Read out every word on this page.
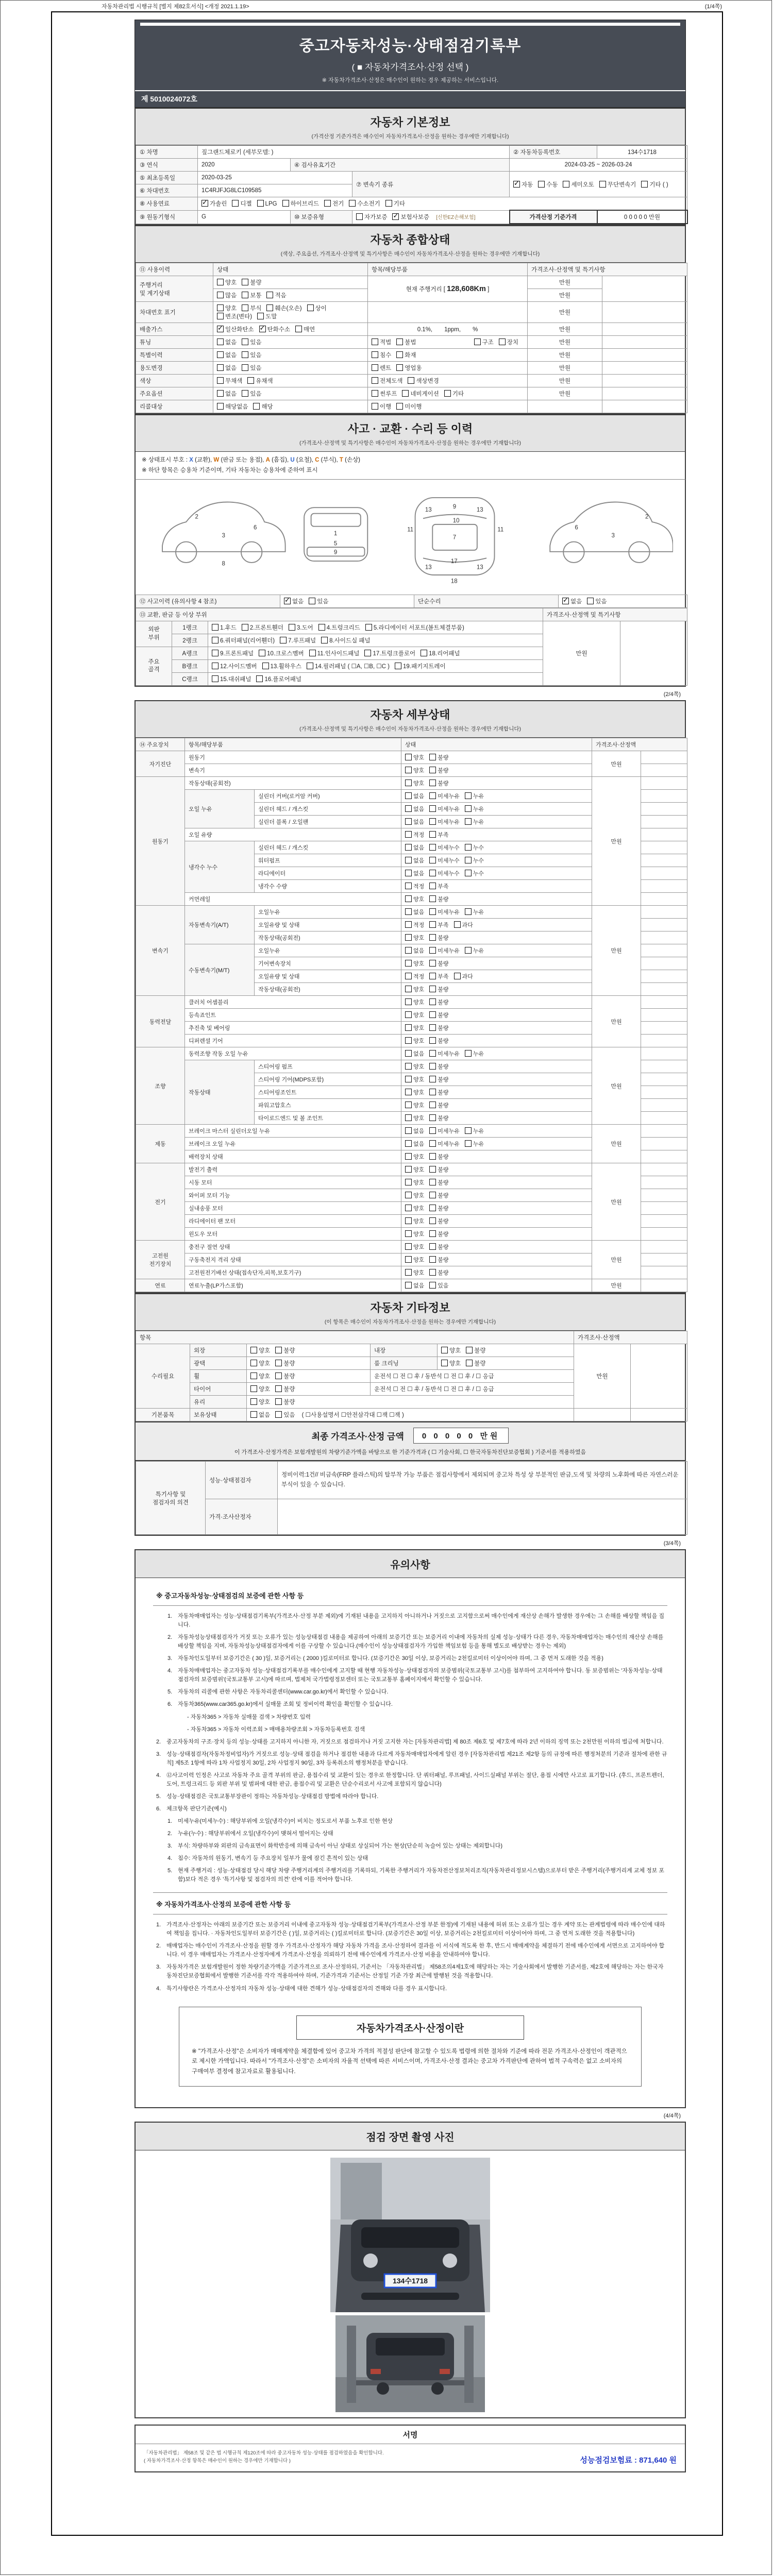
자동차관리법 시행규칙 [별지 제82호서식] <개정 2021.1.19>	(1/4쪽)
중고자동차성능·상태점검기록부
( ■ 자동차가격조사·산정 선택 )
※ 자동차가격조사·산정은 매수인이 원하는 경우 제공하는 서비스입니다.
제 5010024072호
자동차 기본정보
(가격산정 기준가격은 매수인이 자동차가격조사·산정을 원하는 경우에만 기재합니다)
① 차명	짚그랜드체로키 (세부모델: )			② 자동차등록번호	134수1718
③ 연식	2020	④ 검사유효기간		2024-03-25 ~ 2026-03-24	
⑤ 최초등록일	2020-03-25		⑦ 변속기 종류	✓ 자동 수동 세미오토 무단변속기 기타 ( )	
⑥ 차대번호	1C4RJFJG8LC109585				
⑧ 사용연료	✓ 가솔린 디젤 LPG 하이브리드 전기 수소전기 기타				
⑨ 원동기형식	G	⑩ 보증유형	자가보증 ✓ 보험사보증 [신한EZ손해보험]	가격산정 기준가격	0 0 0 0 0 만원
자동차 종합상태
(색상, 주요옵션, 가격조사·산정액 및 특기사항은 매수인이 자동차가격조사·산정을 원하는 경우에만 기재합니다)
⑪ 사용이력	상태	항목/해당부품	가격조사·산정액 및 특기사항	
주행거리
및 계기상태	양호 불량	현재 주행거리 [ 128,608Km ]	만원	
	많음 보통 적음		만원	
차대번호 표기	양호 부식 훼손(오손) 상이변조(변타) 도말		만원	
배출가스	✓ 일산화탄소 ✓ 탄화수소 매연	0.1%,　　1ppm,　　%	만원	
튜닝	없음 있음	적법 불법 구조 장치	만원	
특별이력	없음 있음	침수 화재	만원	
용도변경	없음 있음	렌트 영업용	만원	
색상	무채색 유채색	전체도색 색상변경	만원	
주요옵션	없음 있음	썬루프 네비게이션 기타	만원	
리콜대상	해당없음 해당	이행 미이행		
사고 · 교환 · 수리 등 이력
(가격조사·산정액 및 특기사항은 매수인이 자동차가격조사·산정을 원하는 경우에만 기재합니다)
※ 상태표시 부호 : X (교환), W (판금 또는 용접), A (흠집), U (요철), C (부식), T (손상)
※ 하단 항목은 승용차 기준이며, 기타 자동차는 승용차에 준하여 표시
2
3
6
8
1
5
9
9
11	11
7
13	13
13	13
17
18
10
2
3
6
⑫ 사고이력 (유의사항 4 참조)	✓ 없음 있음	단순수리	✓ 없음 있음
⑬ 교환, 판금 등 이상 부위			가격조사·산정액 및 특기사항	
외판
부위	1랭크	1.후드 2.프론트휀더 3.도어 4.트렁크리드 5.라디에이터 서포트(볼트체결부품)	만원	
	2랭크	6.쿼터패널(리어휀더) 7.루프패널 8.사이드실 패널		
주요
골격	A랭크	9.프론트패널 10.크로스멤버 11.인사이드패널 17.트렁크플로어 18.리어패널		
	B랭크	12.사이드멤버 13.휠하우스 14.필러패널 ( ☐A, ☐B, ☐C ) 19.패키지트레이		
	C랭크	15.대쉬패널 16.플로어패널		
(2/4쪽)
자동차 세부상태
(가격조사·산정액 및 특기사항은 매수인이 자동차가격조사·산정을 원하는 경우에만 기재합니다)
⑭ 주요장치	항목/해당부품		상태	가격조사·산정액	
자기진단	원동기		양호 불량	만원	
	변속기		양호 불량		
원동기	작동상태(공회전)		양호 불량	만원	
	오일 누유	실린더 커버(로커암 커버)	없음 미세누유 누유		
		실린더 헤드 / 개스킷	없음 미세누유 누유		
		실린더 블록 / 오일팬	없음 미세누유 누유		
	오일 유량		적정 부족		
	냉각수 누수	실린더 헤드 / 개스킷	없음 미세누수 누수		
		워터펌프	없음 미세누수 누수		
		라디에이터	없음 미세누수 누수		
		냉각수 수량	적정 부족		
	커먼레일		양호 불량		
변속기	자동변속기(A/T)	오일누유	없음 미세누유 누유	만원	
		오일유량 및 상태	적정 부족 과다		
		작동상태(공회전)	양호 불량		
	수동변속기(M/T)	오일누유	없음 미세누유 누유		
		기어변속장치	양호 불량		
		오일유량 및 상태	적정 부족 과다		
		작동상태(공회전)	양호 불량		
동력전달	클러치 어셈블리		양호 불량	만원	
	등속죠인트		양호 불량		
	추진축 및 베어링		양호 불량		
	디퍼렌셜 기어		양호 불량		
조향	동력조향 작동 오일 누유		없음 미세누유 누유	만원	
	작동상태	스티어링 펌프	양호 불량		
		스티어링 기어(MDPS포함)	양호 불량		
		스티어링조인트	양호 불량		
		파워고압호스	양호 불량		
		타이로드엔드 및 볼 조인트	양호 불량		
제동	브레이크 마스터 실린더오일 누유		없음 미세누유 누유	만원	
	브레이크 오일 누유		없음 미세누유 누유		
	배력장치 상태		양호 불량		
전기	발전기 출력		양호 불량	만원	
	시동 모터		양호 불량		
	와이퍼 모터 기능		양호 불량		
	실내송풍 모터		양호 불량		
	라디에이터 팬 모터		양호 불량		
	윈도우 모터		양호 불량		
고전원
전기장치	충전구 절연 상태		양호 불량	만원	
	구동축전지 격리 상태		양호 불량		
	고전원전기배선 상태(접속단자,피복,보호기구)		양호 불량		
연료	연료누출(LP가스포함)		없음 있음	만원	
자동차 기타정보
(이 항목은 매수인이 자동차가격조사·산정을 원하는 경우에만 기재합니다)
항목					가격조사·산정액	
수리필요	외장	양호 불량	내장	양호 불량	만원	
	광택	양호 불량	룸 크리닝	양호 불량		
	휠	양호 불량	운전석 ☐ 전 ☐ 후 / 동반석 ☐ 전 ☐ 후 / ☐ 응급			
	타이어	양호 불량	운전석 ☐ 전 ☐ 후 / 동반석 ☐ 전 ☐ 후 / ☐ 응급			
	유리	양호 불량				
기본품목	보유상태	없음 있음 ( ☐사용설명서 ☐안전삼각대 ☐잭 ☐잭 )				
최종 가격조사·산정 금액	0 0 0 0 0 만원
이 가격조사·산정가격은 보험개발원의 차량기준가액을 바탕으로 한 기준가격과 ( ☐ 기술사회, ☐ 한국자동차진단보증협회 ) 기준서를 적용하였음
특기사항 및
점검자의 의견	성능·상태점검자	정비이력:1건// 비금속(FRP 플라스틱)의 탈부착 가능 부품은 점검사항에서 제외되며 중고차 특성 상 부분적인 판금,도색 및 차량의 노후화에 따른 자연스러운 부식이 있을 수 있습니다.
	가격·조사산정자	
(3/4쪽)
유의사항
※ 중고자동차성능·상태점검의 보증에 관한 사항 등
1. 자동차매매업자는 성능·상태점검기록부(가격조사·산정 부분 제외)에 기재된 내용을 고지하지 아니하거나 거짓으로 고지함으로써 매수인에게 재산상 손해가 발생한 경우에는 그 손해를 배상할 책임을 집니다.
2. 자동차성능상태점검자가 거짓 또는 오류가 있는 성능상태점검 내용을 제공하여 아래의 보증기간 또는 보증거리 이내에 자동차의 실제 성능·상태가 다른 경우, 자동차매매업자는 매수인의 재산상 손해를 배상할 책임을 지며, 자동차성능상태점검자에게 이를 구상할 수 있습니다.(매수인이 성능상태점검자가 가입한 책임보험 등을 통해 별도로 배상받는 경우는 제외)
3. 자동차인도일부터 보증기간은 ( 30 )일, 보증거리는 ( 2000 )킬로미터로 합니다. (보증기간은 30일 이상, 보증거리는 2천킬로미터 이상이어야 하며, 그 중 먼저 도래한 것을 적용)
4. 자동차매매업자는 중고자동차 성능·상태점검기록부를 매수인에게 고지할 때 현행 자동차성능·상태점검자의 보증범위(국토교통부 고시)를 첨부하여 고지하여야 합니다. 동 보증범위는 '자동차성능·상태점검자의 보증범위'(국토교통부 고시)에 따르며, 법제처 국가법령정보센터 또는 국토교통부 홈페이지에서 확인할 수 있습니다.
5. 자동차의 리콜에 관한 사항은 자동차리콜센터(www.car.go.kr)에서 확인할 수 있습니다.
6. 자동차365(www.car365.go.kr)에서 실매물 조회 및 정비이력 확인을 확인할 수 있습니다.
- 자동차365 > 자동차 실매물 검색 > 차량번호 입력
- 자동차365 > 자동차 이력조회 > 매매용차량조회 > 자동차등록번호 검색
2. 중고자동차의 구조·장치 등의 성능·상태를 고지하지 아니한 자, 거짓으로 점검하거나 거짓 고지한 자는 [자동차관리법] 제 80조 제6호 및 제7호에 따라 2년 이하의 징역 또는 2천만원 이하의 벌금에 처합니다.
3. 성능·상태점검자(자동차정비업자)가 거짓으로 성능·상태 점검을 하거나 점검한 내용과 다르게 자동차매매업자에게 알린 경우 [자동차관리법 제21조 제2항 등의 규정에 따른 행정처분의 기준과 절차에 관한 규칙] 제5조 1항에 따라 1차 사업정지 30일, 2차 사업정지 90일, 3차 등록취소의 행정처분을 받습니다.
4. ⑫사고이력 인정은 사고로 자동차 주요 골격 부위의 판금, 용접수리 및 교환이 있는 경우로 한정합니다. 단 쿼터패널, 루프패널, 사이드실패널 부위는 절단, 용접 시에만 사고로 표기합니다. (후드, 프론트펜더, 도어, 트렁크리드 등 외판 부위 및 범퍼에 대한 판금, 용접수리 및 교환은 단순수리로서 사고에 포함되지 않습니다)
5. 성능·상태점검은 국토교통부장관이 정하는 자동차성능·상태점검 방법에 따라야 합니다.
6. 체크항목 판단기준(예시)
1. 미세누유(미세누수) : 해당부위에 오일(냉각수)이 비치는 정도로서 부품 노후로 인한 현상
2. 누유(누수) : 해당부위에서 오일(냉각수)이 맺혀서 떨어지는 상태
3. 부식: 차량하부와 외판의 금속표면이 화학반응에 의해 금속이 아닌 상태로 상실되어 가는 현상(단순히 녹슬어 있는 상태는 제외합니다)
4. 침수: 자동차의 원동기, 변속기 등 주요장치 일부가 물에 잠긴 흔적이 있는 상태
5. 현재 주행거리 : 성능·상태점검 당시 해당 차량 주행거리계의 주행거리를 기록하되, 기록한 주행거리가 자동차전산정보처리조직(자동차관리정보시스템)으로부터 받은 주행거리(주행거리계 교체 정보 포함)보다 적은 경우 '특기사항 및 점검자의 의견' 란에 이를 적어야 합니다.
※ 자동차가격조사·산정의 보증에 관한 사항 등
1. 가격조사·산정자는 아래의 보증기간 또는 보증거리 이내에 중고자동차 성능·상태점검기록부(가격조사·산정 부분 한정)에 기재된 내용에 허위 또는 오류가 있는 경우 계약 또는 관계법령에 따라 매수인에 대하여 책임을 집니다. · 자동차인도일부터 보증기간은 ( )일, 보증거리는 ( )킬로미터로 합니다. (보증기간은 30일 이상, 보증거리는 2천킬로미터 이상이어야 하며, 그 중 먼저 도래한 것을 적용합니다)
2. 매매업자는 매수인이 가격조사·산정을 원할 경우 가격조사·산정자가 해당 자동차 가격을 조사·산정하여 결과를 이 서식에 적도록 한 후, 반드시 매매계약을 체결하기 전에 매수인에게 서면으로 고지하여야 합니다. 이 경우 매매업자는 가격조사·산정자에게 가격조사·산정을 의뢰하기 전에 매수인에게 가격조사·산정 비용을 안내하여야 합니다.
3. 자동차가격은 보험개발원이 정한 차량기준가액을 기준가격으로 조사·산정하되, 기준서는 「자동차관리법」 제58조의4제1호에 해당하는 자는 기술사회에서 발행한 기준서를, 제2호에 해당하는 자는 한국자동차진단보증협회에서 발행한 기준서를 각각 적용하여야 하며, 기준가격과 기준서는 산정일 기준 가장 최근에 발행된 것을 적용합니다.
4. 특기사항란은 가격조사·산정자의 자동차 성능·상태에 대한 견해가 성능·상태점검자의 견해와 다를 경우 표시합니다.
자동차가격조사·산정이란
※ "가격조사·산정"은 소비자가 매매계약을 체결함에 있어 중고차 가격의 적절성 판단에 참고할 수 있도록 법령에 의한 절차와 기준에 따라 전문 가격조사·산정인이 객관적으로 제시한 가액입니다. 따라서 "가격조사·산정"은 소비자의 자율적 선택에 따른 서비스이며, 가격조사·산정 결과는 중고차 가격판단에 관하여 법적 구속력은 없고 소비자의 구매여부 결정에 참고자료로 활용됩니다.
(4/4쪽)
점검 장면 촬영 사진
134수1718
서명
「자동차관리법」 제58조 및 같은 법 시행규칙 제120조에 따라 중고자동차 성능·상태를 점검하였음을 확인합니다.
( 자동차가격조사·산정 항목은 매수인이 원하는 경우에만 기재합니다 )	성능점검보험료 : 871,640 원
